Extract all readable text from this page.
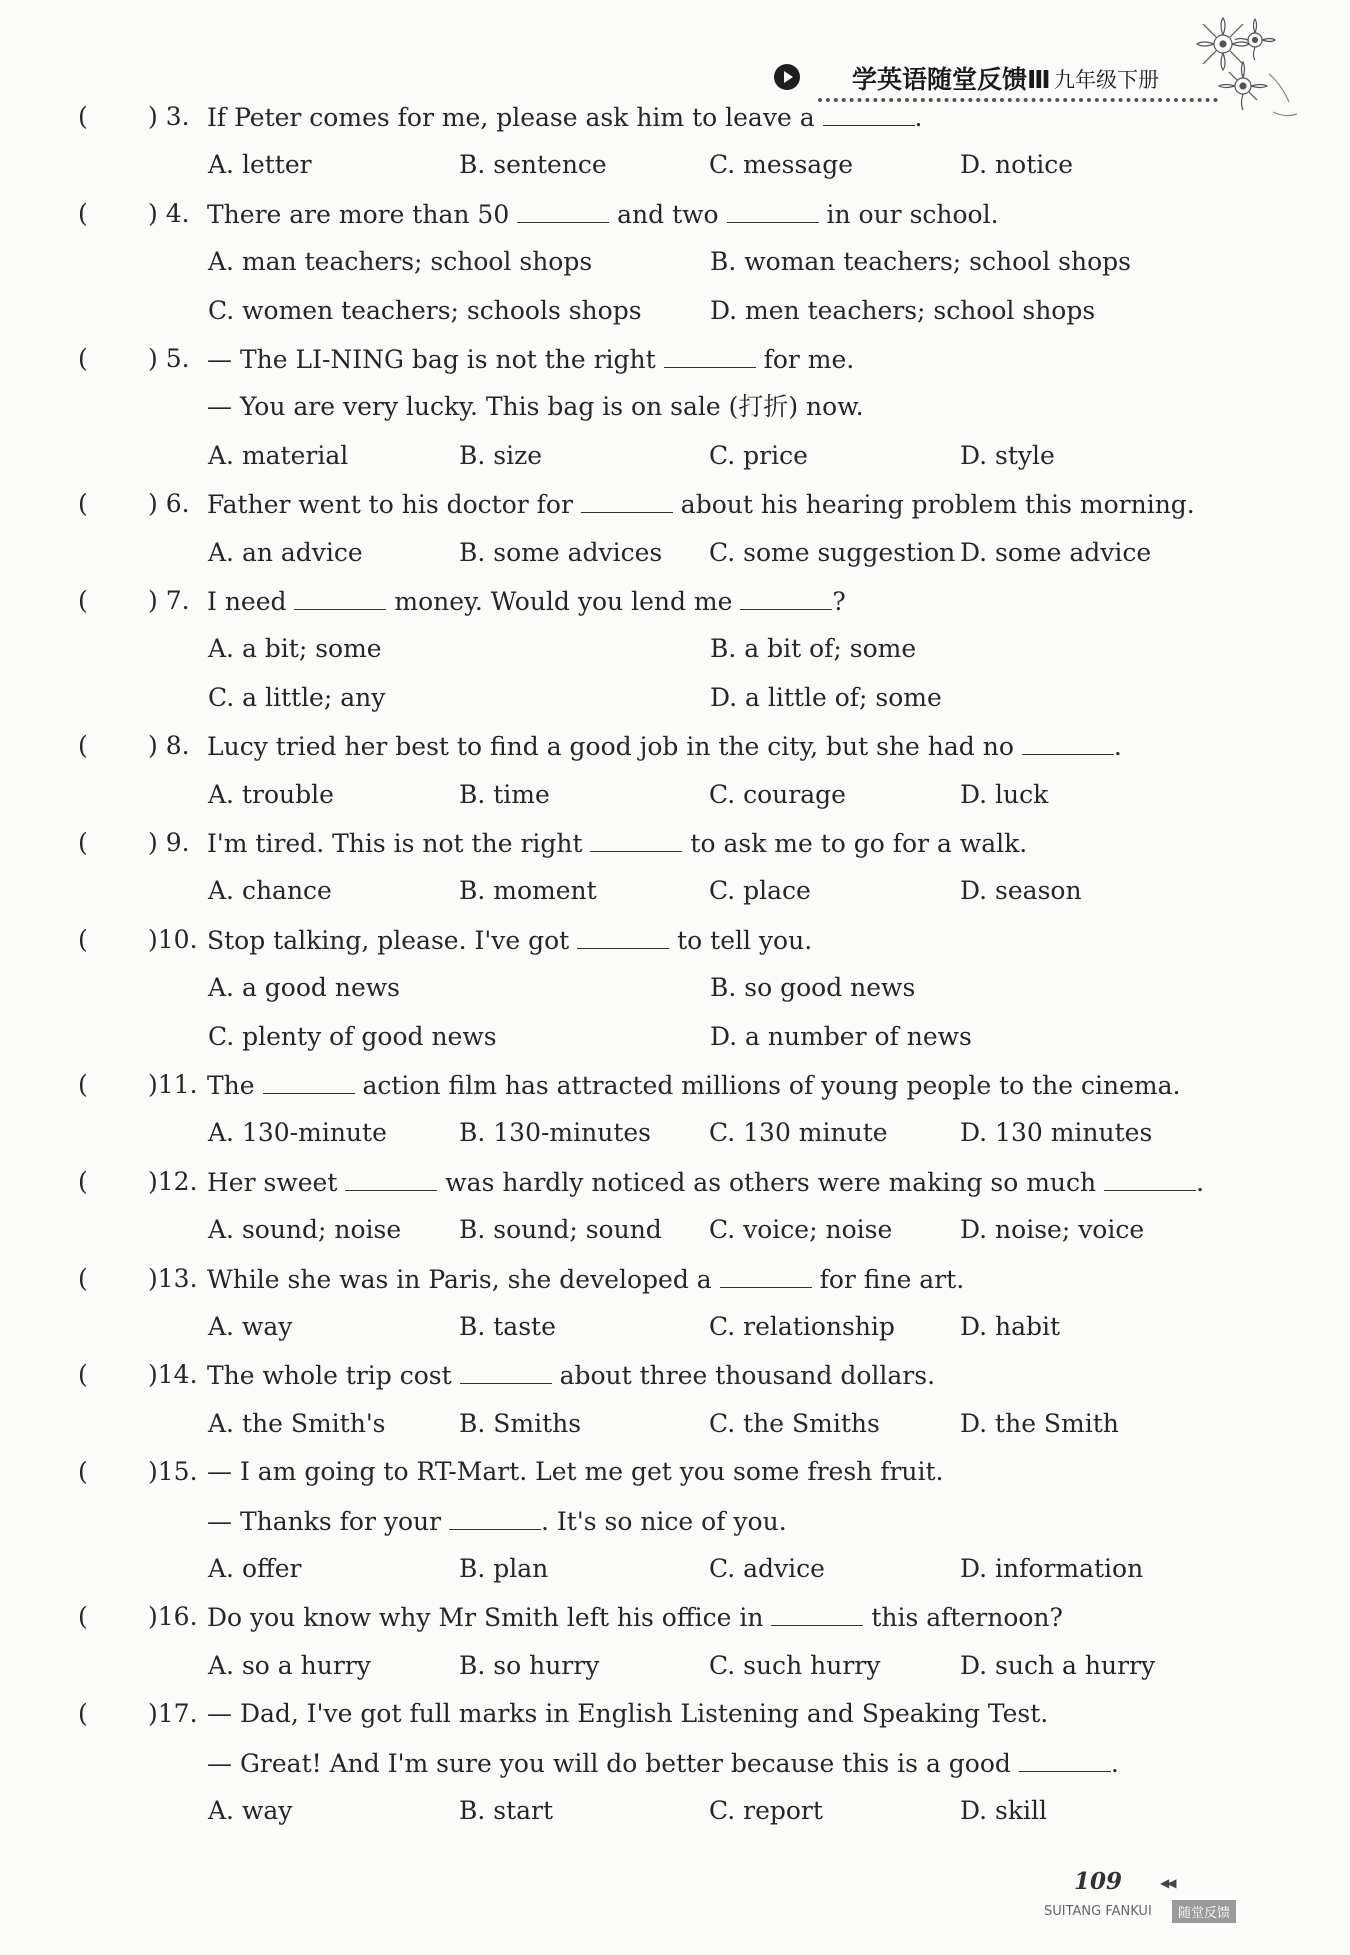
学英语随堂反馈Ⅲ 九年级下册
( ) 3. If Peter comes for me, please ask him to leave a	.
A. letter	B. sentence	C. message	D. notice
( ) 4. There are more than 50	and two	in our school.
A. man teachers; school shops	B. woman teachers; school shops
C. women teachers; schools shops	D. men teachers; school shops
( ) 5. — The LI-NING bag is not the right	for me.
— You are very lucky. This bag is on sale (打折) now.
A. material	B. size	C. price	D. style
( ) 6. Father went to his doctor for	about his hearing problem this morning.
A. an advice	B. some advices C. some suggestion D. some advice
( ) 7. I need	money. Would you lend me	?
A. a bit; some	B. a bit of; some
C. a little; any	D. a little of; some
( ) 8. Lucy tried her best to find a good job in the city, but she had no	.
A. trouble	B. time	C. courage	D. luck
( ) 9. I'm tired. This is not the right	to ask me to go for a walk.
A. chance	B. moment	C. place	D. season
( )10. Stop talking, please. I've got	to tell you.
A. a good news	B. so good news
C. plenty of good news	D. a number of news
( )11. The	action film has attracted millions of young people to the cinema.
A. 130-minute	B. 130-minutes C. 130 minute	D. 130 minutes
( )12. Her sweet	was hardly noticed as others were making so much	.
A. sound; noise B. sound; sound C. voice; noise	D. noise; voice
( )13. While she was in Paris, she developed a	for fine art.
A. way	B. taste	C. relationship	D. habit
( )14. The whole trip cost	about three thousand dollars.
A. the Smith's	B. Smiths	C. the Smiths	D. the Smith
( )15. — I am going to RT-Mart. Let me get you some fresh fruit.
— Thanks for your	. It's so nice of you.
A. offer	B. plan	C. advice	D. information
( )16. Do you know why Mr Smith left his office in	this afternoon?
A. so a hurry	B. so hurry	C. such hurry	D. such a hurry
( )17. — Dad, I've got full marks in English Listening and Speaking Test.
— Great! And I'm sure you will do better because this is a good	.
A. way	B. start	C. report	D. skill
109	◀◀
SUITANG FANKUI	随堂反馈
